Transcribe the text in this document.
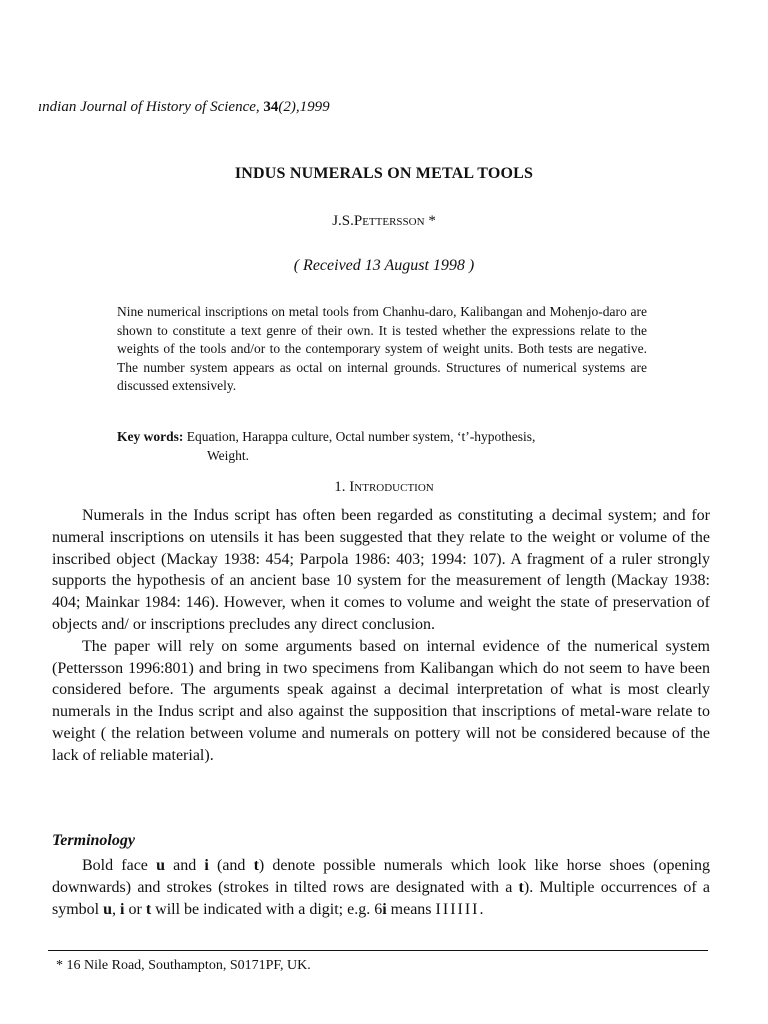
ındian Journal of History of Science, 34(2),1999
INDUS NUMERALS ON METAL TOOLS
J.S.Pettersson *
( Received 13 August 1998 )
Nine numerical inscriptions on metal tools from Chanhu-daro, Kalibangan and Mohenjo-daro are shown to constitute a text genre of their own. It is tested whether the expressions relate to the weights of the tools and/or to the contemporary system of weight units. Both tests are negative. The number system appears as octal on internal grounds. Structures of numerical systems are discussed extensively.
Key words: Equation, Harappa culture, Octal number system, ‘t’-hypothesis,
Weight.
1. Introduction

Numerals in the Indus script has often been regarded as constituting a decimal system; and for numeral inscriptions on utensils it has been suggested that they relate to the weight or volume of the inscribed object (Mackay 1938: 454; Parpola 1986: 403; 1994: 107). A fragment of a ruler strongly supports the hypothesis of an ancient base 10 system for the measurement of length (Mackay 1938: 404; Mainkar 1984: 146). However, when it comes to volume and weight the state of preservation of objects and/ or inscriptions precludes any direct conclusion.

The paper will rely on some arguments based on internal evidence of the numerical system (Pettersson 1996:801) and bring in two specimens from Kalibangan which do not seem to have been considered before. The arguments speak against a decimal interpretation of what is most clearly numerals in the Indus script and also against the supposition that inscriptions of metal-ware relate to weight ( the relation between volume and numerals on pottery will not be considered because of the lack of reliable material).

Terminology

Bold face u and i (and t) denote possible numerals which look like horse shoes (opening downwards) and strokes (strokes in tilted rows are designated with a t). Multiple occurrences of a symbol u, i or t will be indicated with a digit; e.g. 6i means IIIIII.

* 16 Nile Road, Southampton, S0171PF, UK.
